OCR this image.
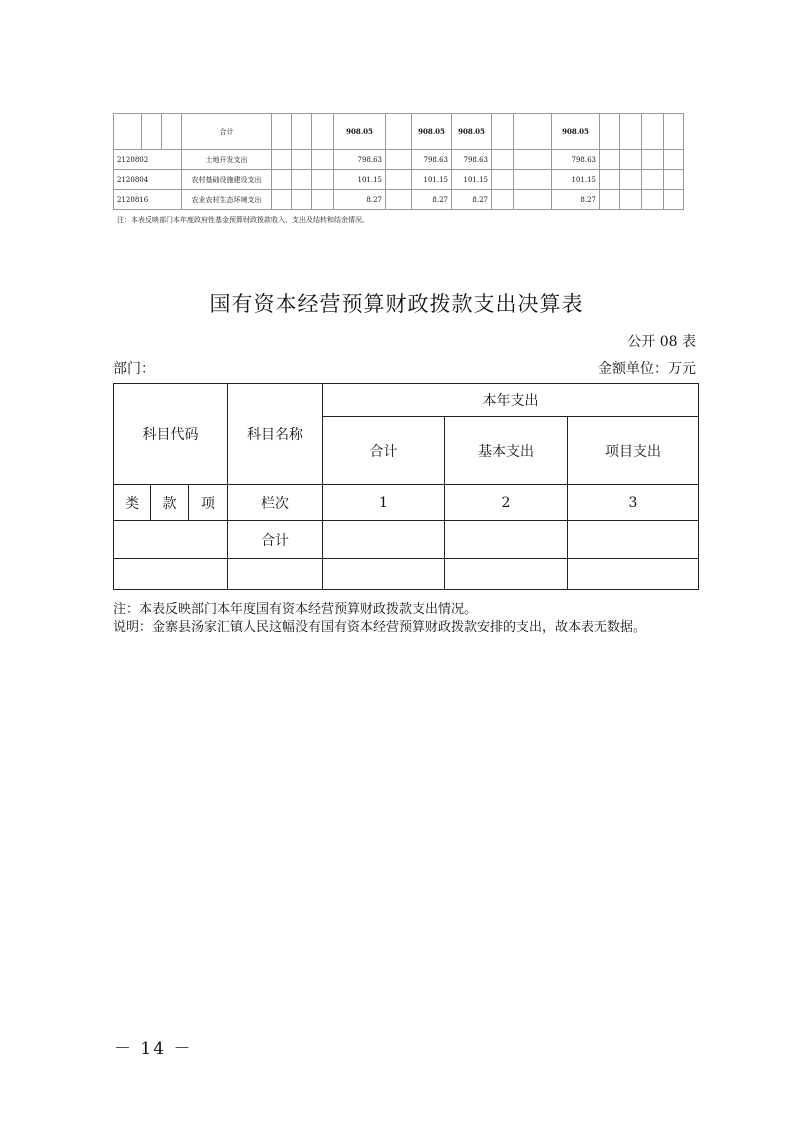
			合计				908.05		908.05	908.05			908.05				
2120802			土地开发支出				798.63		798.63	798.63			798.63				
2120804			农村基础设施建设支出				101.15		101.15	101.15			101.15				
2120816			农业农村生态环境支出				8.27		8.27	8.27			8.27				
注：本表反映部门本年度政府性基金预算财政拨款收入、支出及结转和结余情况。
国有资本经营预算财政拨款支出决算表
公开 08 表
部门：	金额单位：万元
科目代码			科目名称	本年支出		
				合计	基本支出	项目支出
类	款	项	栏次	1	2	3
			合计			

注：本表反映部门本年度国有资本经营预算财政拨款支出情况。
说明：金寨县汤家汇镇人民这幅没有国有资本经营预算财政拨款安排的支出，故本表无数据。
－ 14 －
